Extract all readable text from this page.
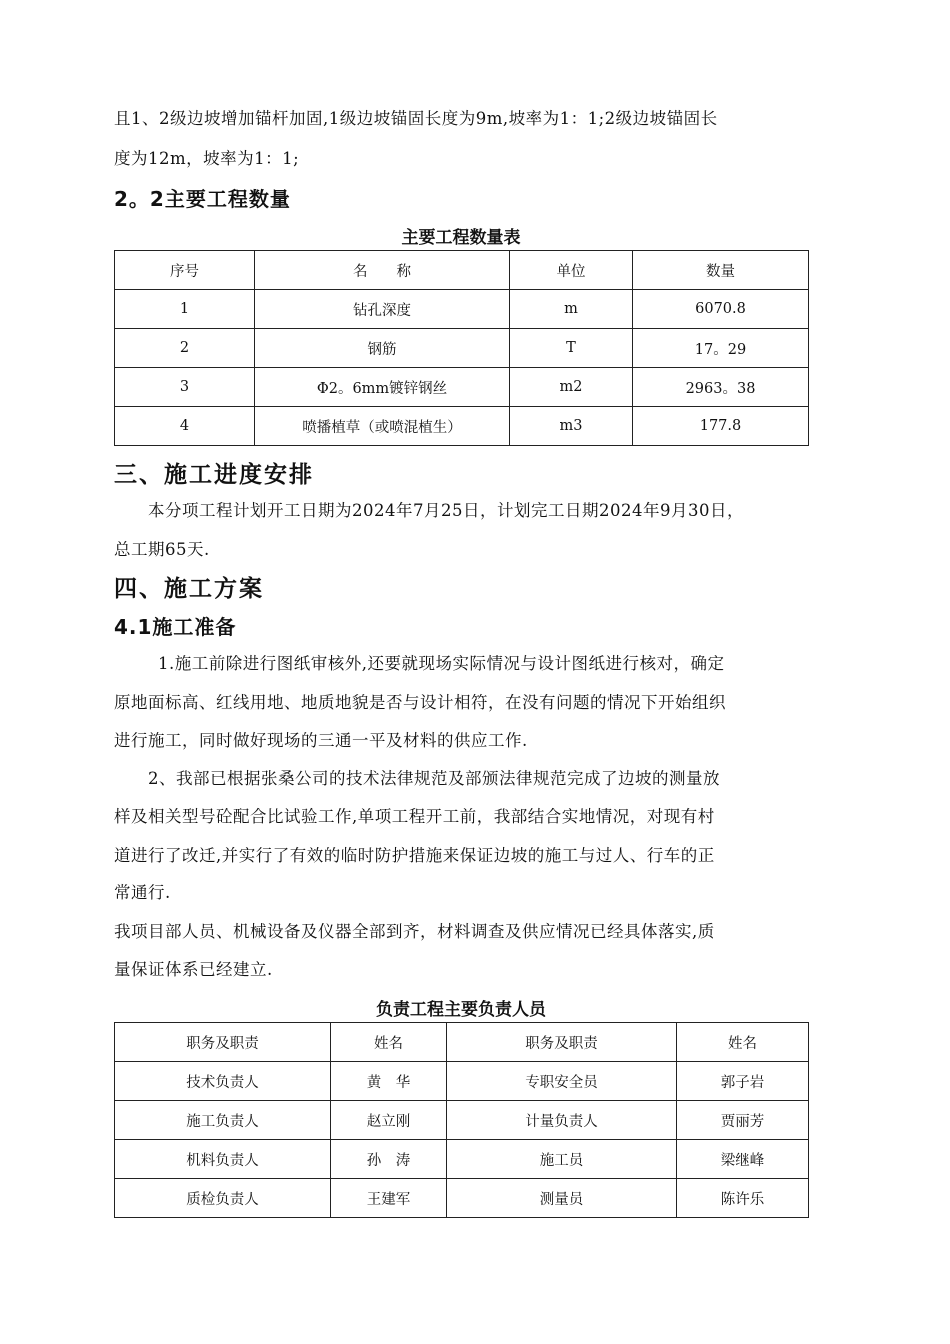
且1、2级边坡增加锚杆加固,1级边坡锚固长度为9m,坡率为1：1;2级边坡锚固长
度为12m，坡率为1：1;
2。2主要工程数量
主要工程数量表
序号	名　　称	单位	数量
1	钻孔深度	m	6070.8
2	钢筋	T	17。29
3	Φ2。6mm镀锌钢丝	m2	2963。38
4	喷播植草（或喷混植生）	m3	177.8
三、施工进度安排
本分项工程计划开工日期为2024年7月25日，计划完工日期2024年9月30日，
总工期65天.
四、施工方案
4.1施工准备
1.施工前除进行图纸审核外,还要就现场实际情况与设计图纸进行核对，确定
原地面标高、红线用地、地质地貌是否与设计相符，在没有问题的情况下开始组织
进行施工，同时做好现场的三通一平及材料的供应工作.
2、我部已根据张桑公司的技术法律规范及部颁法律规范完成了边坡的测量放
样及相关型号砼配合比试验工作,单项工程开工前，我部结合实地情况，对现有村
道进行了改迁,并实行了有效的临时防护措施来保证边坡的施工与过人、行车的正
常通行.
我项目部人员、机械设备及仪器全部到齐，材料调查及供应情况已经具体落实,质
量保证体系已经建立.
负责工程主要负责人员
职务及职责	姓名	职务及职责	姓名
技术负责人	黄　华	专职安全员	郭子岩
施工负责人	赵立刚	计量负责人	贾丽芳
机料负责人	孙　涛	施工员	梁继峰
质检负责人	王建军	测量员	陈许乐
